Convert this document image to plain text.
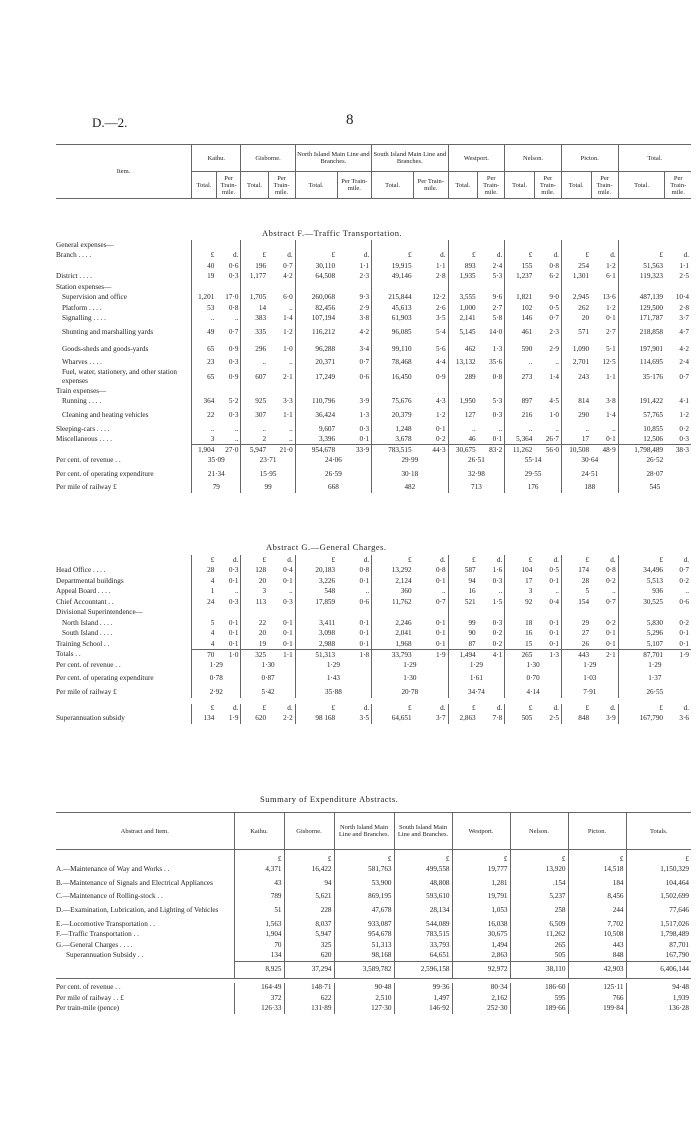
D.—2.	8
Item.	Kaihu.		Gisborne.		North Island Main Line and Branches.		South Island Main Line and Branches.		Westport.		Nelson.		Picton.		Total.	
	Total.	Per Train-mile.	Total.	Per Train-mile.	Total.	Per Train-mile.	Total.	Per Train-mile.	Total.	Per Train-mile.	Total.	Per Train-mile.	Total.	Per Train-mile.	Total.	Per Train-mile.
Abstract F.—Traffic Transportation.
General expenses—																
Branch . . . .	£	d.	£	d.	£	d.	£	d.	£	d.	£	d.	£	d.	£	d.
	40	0·6	196	0·7	30,110	1·1	19,915	1·1	893	2·4	155	0·8	254	1·2	51,563	1·1
District . . . .	19	0·3	1,177	4·2	64,508	2·3	49,146	2·8	1,935	5·3	1,237	6·2	1,301	6·1	119,323	2·5
Station expenses—																
Supervision and office	1,201	17·0	1,705	6·0	260,068	9·3	215,844	12·2	3,555	9·6	1,821	9·0	2,945	13·6	487,139	10·4
Platform . . . .	53	0·8	14	..	82,456	2·9	45,613	2·6	1,000	2·7	102	0·5	262	1·2	129,500	2·8
Signalling . . . .	..	..	383	1·4	107,194	3·8	61,903	3·5	2,141	5·8	146	0·7	20	0·1	171,787	3·7
Shunting and marshalling yards	49	0·7	335	1·2	116,212	4·2	96,085	5·4	5,145	14·0	461	2·3	571	2·7	218,858	4·7
Goods-sheds and goods-yards	65	0·9	296	1·0	96,288	3·4	99,110	5·6	462	1·3	590	2·9	1,090	5·1	197,901	4·2
Wharves . . . .	23	0·3	..	..	20,371	0·7	78,468	4·4	13,132	35·6	..	..	2,701	12·5	114,695	2·4
Fuel, water, stationery, and other station expenses	65	0·9	607	2·1	17,249	0·6	16,450	0·9	289	0·8	273	1·4	243	1·1	35·176	0·7
Train expenses—																
Running . . . .	364	5·2	925	3·3	110,796	3·9	75,676	4·3	1,950	5·3	897	4·5	814	3·8	191,422	4·1
Cleaning and heating vehicles	22	0·3	307	1·1	36,424	1·3	20,379	1·2	127	0·3	216	1·0	290	1·4	57,765	1·2
Sleeping-cars . . . .	..	..	..	..	9,607	0·3	1,248	0·1	..	..	..	..	..	..	10,855	0·2
Miscellaneous . . . .	3	..	2	..	3,396	0·1	3,678	0·2	46	0·1	5,364	26·7	17	0·1	12,506	0·3
	1,904	27·0	5,947	21·0	954,678	33·9	783,515	44·3	30,675	83·2	11,262	56·0	10,508	48·9	1,798,489	38·3
Per cent. of revenue . .	35·09		23·71		24·06		29·99		26·51		55·14		30·64		26·52	
Per cent. of operating expenditure	21·34		15·95		26·59		30·18		32·98		29·55		24·51		28·07	
Per mile of railway £	79		99		668		482		713		176		188		545	
Abstract G.—General Charges.
	£	d.	£	d.	£	d.	£	d.	£	d.	£	d.	£	d.	£	d.
Head Office . . . .	28	0·3	128	0·4	20,183	0·8	13,292	0·8	587	1·6	104	0·5	174	0·8	34,496	0·7
Departmental buildings	4	0·1	20	0·1	3,226	0·1	2,124	0·1	94	0·3	17	0·1	28	0·2	5,513	0·2
Appeal Board . . . .	1	..	3	..	548	..	360	..	16	..	3	..	5	..	936	..
Chief Accountant . .	24	0·3	113	0·3	17,859	0·6	11,762	0·7	521	1·5	92	0·4	154	0·7	30,525	0·6
Divisional Superintendence—																
North Island . . . .	5	0·1	22	0·1	3,411	0·1	2,246	0·1	99	0·3	18	0·1	29	0·2	5,830	0·2
South Island . . . .	4	0·1	20	0·1	3,098	0·1	2,041	0·1	90	0·2	16	0·1	27	0·1	5,296	0·1
Training School . .	4	0·1	19	0·1	2,988	0·1	1,968	0·1	87	0·2	15	0·1	26	0·1	5,107	0·1
Totals . .	70	1·0	325	1·1	51,313	1·8	33,793	1·9	1,494	4·1	265	1·3	443	2·1	87,701	1·9
Per cent. of revenue . .	1·29		1·30		1·29		1·29		1·29		1·30		1·29		1·29	
Per cent. of operating expenditure	0·78		0·87		1·43		1·30		1·61		0·70		1·03		1·37	
Per mile of railway £	2·92		5·42		35·88		20·78		34·74		4·14		7·91		26·55	

	£	d.	£	d.	£	d.	£	d.	£	d.	£	d.	£	d.	£	d.
Superannuation subsidy	134	1·9	620	2·2	98 168	3·5	64,651	3·7	2,863	7·8	505	2·5	848	3·9	167,790	3·6
Summary of Expenditure Abstracts.
Abstract and Item.	Kaihu.	Gisborne.	North Island Main Line and Branches.	South Island Main Line and Branches.	Westport.	Nelson.	Picton.	Totals.
	£	£	£	£	£	£	£	£
A.—Maintenance of Way and Works . .	4,371	16,422	581,763	499,558	19,777	13,920	14,518	1,150,329
B.—Maintenance of Signals and Electrical Appliances	43	94	53,900	48,808	1,281	.154	184	104,464
C.—Maintenance of Rolling-stock . .	789	5,621	869,195	593,610	19,791	5,237	8,456	1,502,699
D.—Examination, Lubrication, and Lighting of Vehicles	51	228	47,678	28,134	1,053	258	244	77,646
E.—Locomotive Transportation . .	1,563	8,037	933,087	544,089	16,038	6,509	7,702	1,517,026
F.—Traffic Transportation . .	1,904	5,947	954,678	783,515	30,675	11,262	10,508	1,798,489
G.—General Charges . . . .	70	325	51,313	33,793	1,494	265	443	87,701
Superannuation Subsidy . .	134	620	98,168	64,651	2,863	505	848	167,790
	8,925	37,294	3,589,782	2,596,158	92,972	38,110	42,903	6,406,144

Per cent. of revenue . .	164·49	148·71	90·48	99·36	80·34	186·60	125·11	94·48
Per mile of railway . . £	372	622	2,510	1,497	2,162	595	766	1,939
Per train-mile (pence)	126·33	131·89	127·30	146·92	252·30	189·66	199·84	136·28
